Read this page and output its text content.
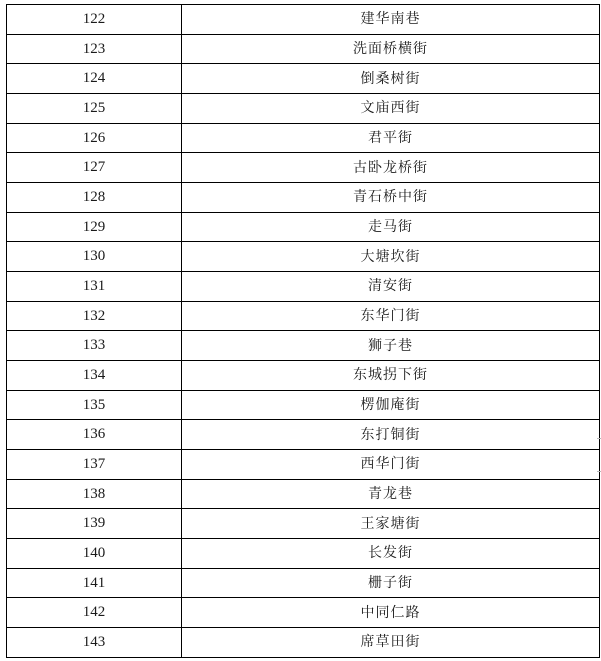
122	建华南巷
123	洗面桥横街
124	倒桑树街
125	文庙西街
126	君平街
127	古卧龙桥街
128	青石桥中街
129	走马街
130	大塘坎街
131	清安街
132	东华门街
133	狮子巷
134	东城拐下街
135	楞伽庵街
136	东打铜街
137	西华门街
138	青龙巷
139	王家塘街
140	长发街
141	栅子街
142	中同仁路
143	席草田街
